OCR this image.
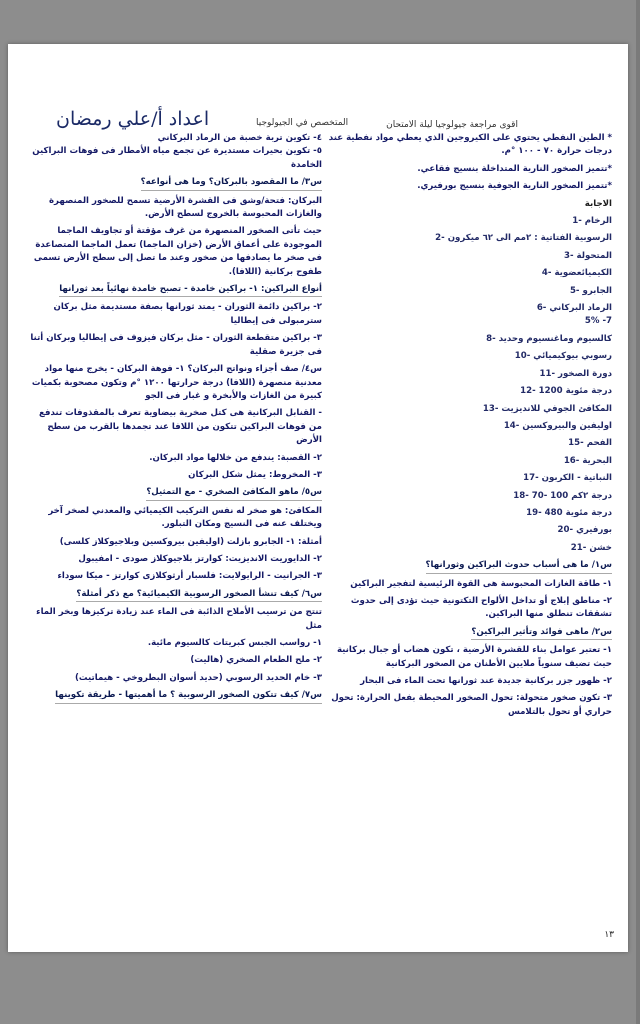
اعداد أ/علي رمضان	المتخصص في الجيولوجيا	اقوى مراجعة جيولوجيا ليلة الامتحان

* الطين النفطي يحتوي على الكيروجين الذي يعطي مواد نفطية عند

درجات حرارة ٧٠ - ١٠٠ °م.

*تتميز الصخور النارية المتداخلة بنسيج فقاعي.

*تتميز الصخور النارية الجوفية بنسيج بورفيري.

الاجابة

الرخام -1

الرسوبية الفتاتية : ٢مم الى ٦٢ ميكرون -2

المتحولة -3

الكيميائعضوية -4

الجابرو -5

الرماد البركاني -6

7- 5%

كالسيوم وماغنسيوم وحديد -8

رسوبي بيوكيميائي -10

دورة الصخور -11

درجة مئوية 1200 -12

المكافئ الجوفي للانديزيت -13

اوليفين والبيروكسين -14

الفحم -15

البحرية -16

النباتية - الكربون -17

درجة ٢كم 100 -70 -18

درجة مئوية 480 -19

بورفيري -20

خشن -21

س١/ ما هى أسباب حدوث البراكين وثورانها؟

١- طاقة الغازات المحبوسة هى القوة الرئيسية لتفجير البراكين

٢- مناطق إبلاج أو تداخل الألواح التكتونية حيث تؤدى إلى حدوث تشققات تنطلق منها البراكين.

س٢/ ماهى فوائد وتأثير البراكين؟

١- تعتبر عوامل بناء للقشرة الأرضية ، تكون هضاب أو جبال بركانية حيث تضيف سنوياً ملايين الأطنان من الصخور البركانية

٢- ظهور جزر بركانية جديدة عند ثورانها تحت الماء فى البحار

٣- تكون صخور متحولة: تحول الصخور المحيطة بفعل الحرارة: تحول حراري أو تحول بالتلامس

٤- تكوين تربة خصبة من الرماد البركاني

٥- تكوين بحيرات مستديرة عن تجمع مياه الأمطار فى فوهات البراكين الخامدة

س٣/ ما المقصود بالبركان؟ وما هى أنواعه؟

البركان: فتحة/وشق فى القشرة الأرضية تسمح للصخور المنصهرة والغازات المحبوسة بالخروج لسطح الأرض.

حيث تأتى الصخور المنصهرة من غرف مؤقتة أو تجاويف الماجما الموجودة على أعماق الأرض (خزان الماجما) تعمل الماجما المتصاعدة فى صخر ما يصادفها من صخور وعند ما تصل إلى سطح الأرض تسمى طفوح بركانية (اللافا).

أنواع البراكين: ١- براكين خامدة - تصبح خامدة نهائياً بعد ثورانها

٢- براكين دائمة الثوران - يمتد ثورانها بصفة مستديمة مثل بركان سترمبولى فى إيطاليا

٣- براكين متقطعة الثوران - مثل بركان فيزوف فى إيطاليا وبركان أتنا فى جزيرة صقلية

س٤/ صف أجزاء ونواتج البركان؟ ١- فوهة البركان - يخرج منها مواد معدنية منصهرة (اللافا) درجة حرارتها ١٢٠٠ °م وتكون مصحوبة بكميات كبيرة من الغازات والأبخرة و غبار فى الجو

- القنابل البركانية هى كتل صخرية بيضاوية تعرف بالمقذوفات تندفع من فوهات البراكين تتكون من اللافا عند تجمدها بالقرب من سطح الأرض

٢- القصبة: يندفع من خلالها مواد البركان.

٣- المخروط: يمثل شكل البركان

س٥/ ماهو المكافئ الصخري - مع التمثيل؟

المكافئ: هو صخر له نفس التركيب الكيميائي والمعدني لصخر آخر ويختلف عنه فى النسيج ومكان التبلور.

أمثلة: ١- الجابرو بازلت (اوليفين بيروكسين وبلاجيوكلاز كلسى)

٢- الدايوريت الانديزيت: كوارتز بلاجيوكلاز صودى - امفيبول

٣- الجرانيت - الرايولايت: فلسبار أرثوكلازى كوارتز - ميكا سوداء

س٦/ كيف تنشأ الصخور الرسوبية الكيميائية؟ مع ذكر أمثلة؟

تنتج من ترسيب الأملاح الذائبة فى الماء عند زيادة تركيزها وبخر الماء مثل

١- رواسب الجبس كبريتات كالسيوم مائية.

٢- ملح الطعام الصخري (هاليت)

٣- خام الحديد الرسوبي (حديد أسوان البطروخي - هيماتيت)

س٧/ كيف تتكون الصخور الرسوبية ؟ ما أهميتها - طريقة تكوينها

١٣
